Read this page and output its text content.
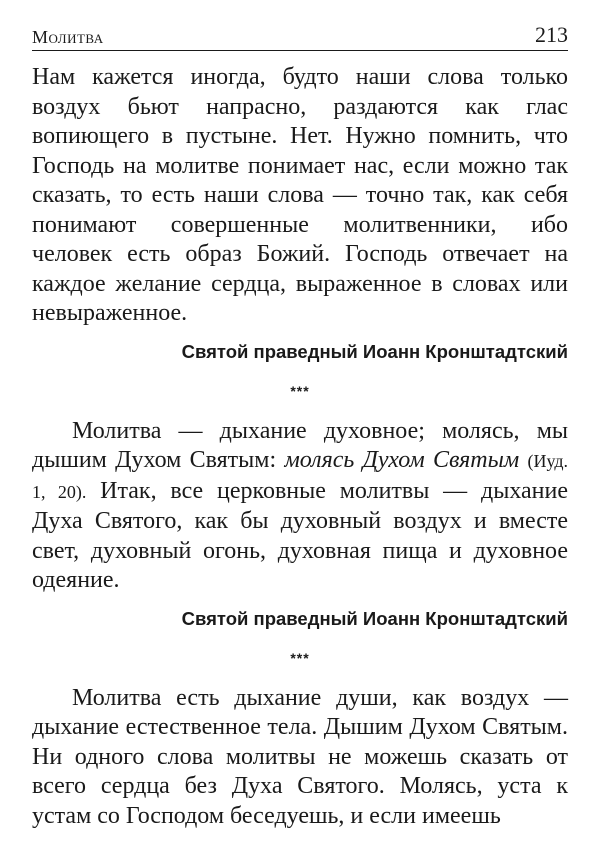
Молитва	213

Нам кажется иногда, будто наши слова только воздух бьют напрасно, раздаются как глас вопиющего в пустыне. Нет. Нужно помнить, что Господь на молитве понимает нас, если можно так сказать, то есть наши слова — точно так, как себя понимают совершенные молитвенники, ибо человек есть образ Божий. Господь отвечает на каждое желание сердца, выраженное в словах или невыраженное.

Святой праведный Иоанн Кронштадтский
***

Молитва — дыхание духовное; молясь, мы дышим Духом Святым: молясь Духом Святым (Иуд. 1, 20). Итак, все церковные молитвы — дыхание Духа Святого, как бы духовный воздух и вместе свет, духовный огонь, духовная пища и духовное одеяние.

Святой праведный Иоанн Кронштадтский
***

Молитва есть дыхание души, как воздух — дыхание естественное тела. Дышим Духом Святым. Ни одного слова молитвы не можешь сказать от всего сердца без Духа Святого. Молясь, уста к устам со Господом беседуешь, и если имеешь
